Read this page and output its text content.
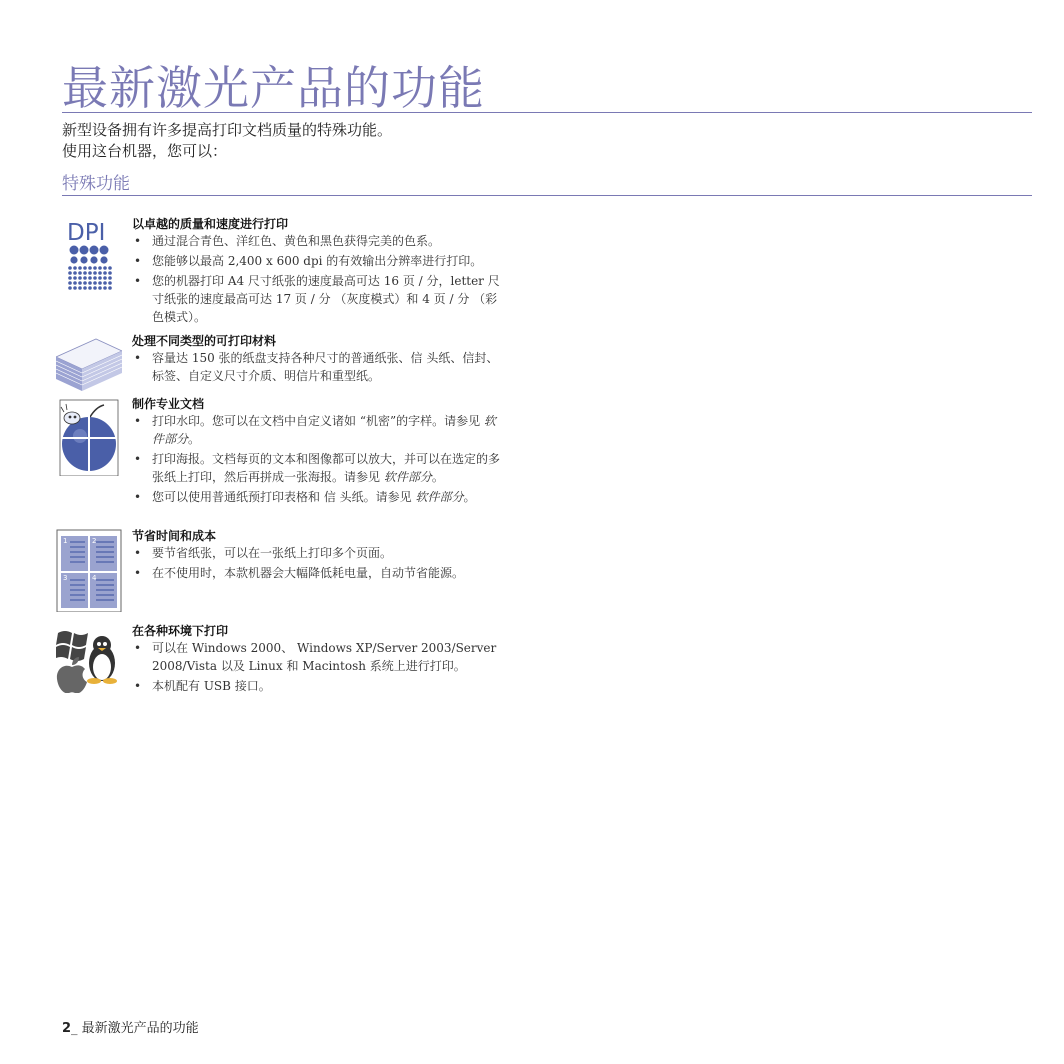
最新激光产品的功能
新型设备拥有许多提高打印文档质量的特殊功能。
使用这台机器，您可以：
特殊功能
DPI 以卓越的质量和速度进行打印
• 通过混合青色、洋红色、黄色和黑色获得完美的色系。
• 您能够以最高 2,400 x 600 dpi 的有效输出分辨率进行打印。
• 您的机器打印 A4 尺寸纸张的速度最高可达 16 页 / 分，letter 尺寸纸张的速度最高可达 17 页 / 分 （灰度模式）和 4 页 / 分 （彩色模式）。
处理不同类型的可打印材料
• 容量达 150 张的纸盘支持各种尺寸的普通纸张、信 头纸、信封、标签、自定义尺寸介质、明信片和重型纸。
制作专业文档
• 打印水印。您可以在文档中自定义诸如 “机密”的字样。请参见 软件部分。
• 打印海报。文档每页的文本和图像都可以放大，并可以在选定的多张纸上打印，然后再拼成一张海报。请参见 软件部分。
• 您可以使用普通纸预打印表格和 信 头纸。请参见 软件部分。
1	2
3	4
节省时间和成本
• 要节省纸张，可以在一张纸上打印多个页面。
• 在不使用时，本款机器会大幅降低耗电量，自动节省能源。
在各种环境下打印
• 可以在 Windows 2000、 Windows XP/Server 2003/Server 2008/Vista 以及 Linux 和 Macintosh 系统上进行打印。
• 本机配有 USB 接口。
2_ 最新激光产品的功能
